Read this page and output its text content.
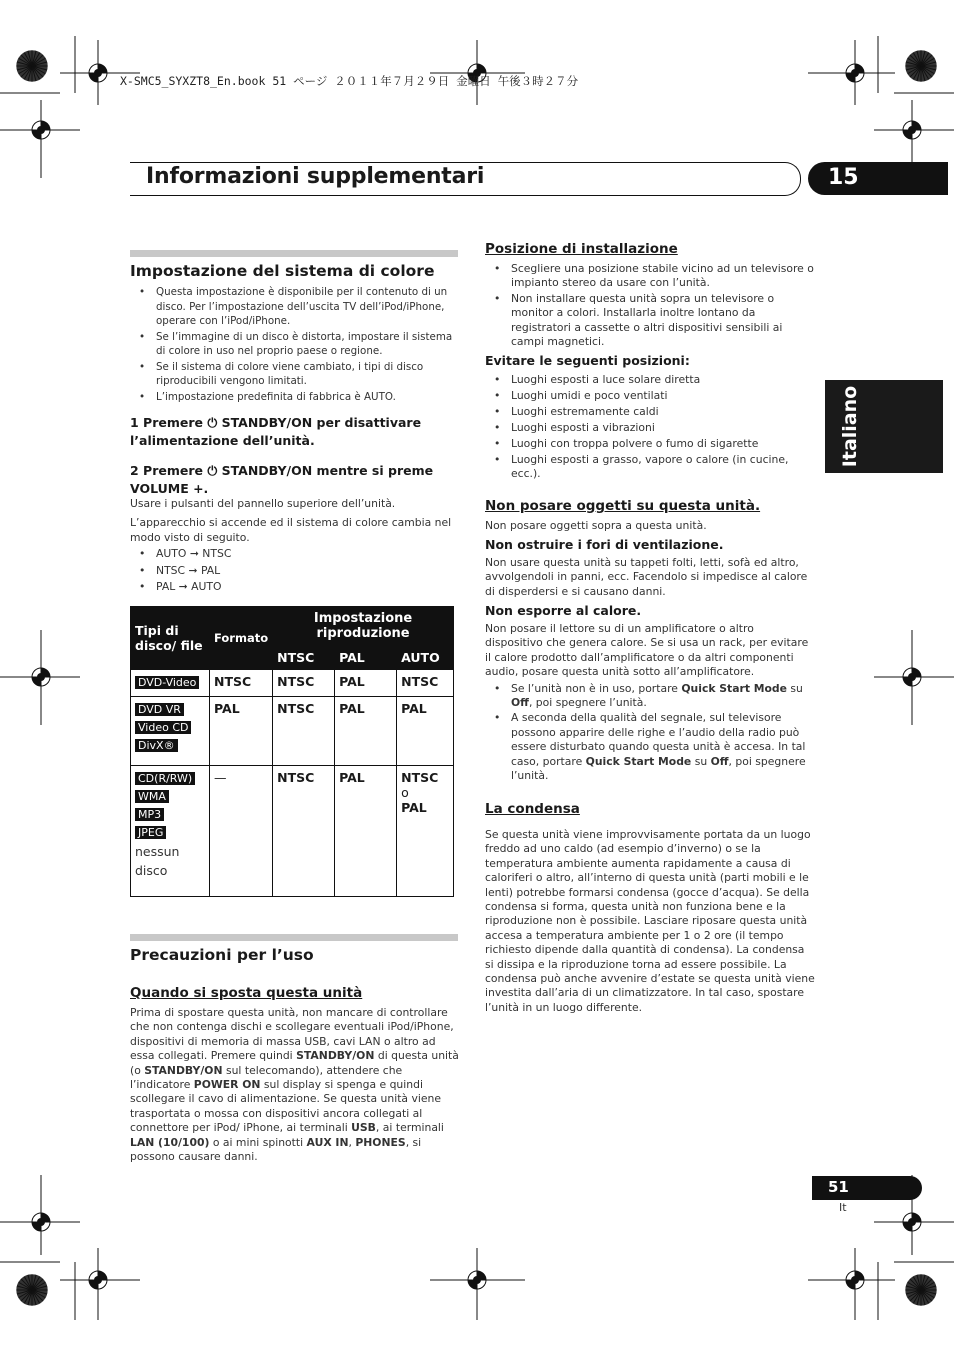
X-SMC5_SYXZT8_En.book 51 ページ ２０１１年７月２９日 金曜日 午後３時２７分
Informazioni supplementari	15
Italiano
Impostazione del sistema di colore
• Questa impostazione è disponibile per il contenuto di un disco. Per l’impostazione dell’uscita TV dell’iPod/iPhone, operare con l’iPod/iPhone.
• Se l’immagine di un disco è distorta, impostare il sistema di colore in uso nel proprio paese o regione.
• Se il sistema di colore viene cambiato, i tipi di disco riproducibili vengono limitati.
• L’impostazione predefinita di fabbrica è AUTO.
1 Premere ⏻ STANDBY/ON per disattivare l’alimentazione dell’unità.
2 Premere ⏻ STANDBY/ON mentre si preme VOLUME +.

Usare i pulsanti del pannello superiore dell’unità.

L’apparecchio si accende ed il sistema di colore cambia nel modo visto di seguito.

• AUTO ➞ NTSC
• NTSC ➞ PAL
• PAL ➞ AUTO
Tipi di disco/ file	Formato	Impostazione riproduzione		
		NTSC	PAL	AUTO
DVD-Video	NTSC	NTSC	PAL	NTSC
DVD VR
Video CD
DivX®	PAL	NTSC	PAL	PAL
CD(R/RW)
WMA
MP3
JPEG
nessun disco	—	NTSC	PAL	NTSC o
PAL
Precauzioni per l’uso
Quando si sposta questa unità

Prima di spostare questa unità, non mancare di controllare che non contenga dischi e scollegare eventuali iPod/iPhone, dispositivi di memoria di massa USB, cavi LAN o altro ad essa collegati. Premere quindi STANDBY/ON di questa unità (o STANDBY/ON sul telecomando), attendere che l’indicatore POWER ON sul display si spenga e quindi scollegare il cavo di alimentazione. Se questa unità viene trasportata o mossa con dispositivi ancora collegati al connettore per iPod/ iPhone, ai terminali USB, ai terminali LAN (10/100) o ai mini spinotti AUX IN, PHONES, si possono causare danni.

Posizione di installazione
• Scegliere una posizione stabile vicino ad un televisore o impianto stereo da usare con l’unità.
• Non installare questa unità sopra un televisore o monitor a colori. Installarla inoltre lontano da registratori a cassette o altri dispositivi sensibili ai campi magnetici.
Evitare le seguenti posizioni:
• Luoghi esposti a luce solare diretta
• Luoghi umidi e poco ventilati
• Luoghi estremamente caldi
• Luoghi esposti a vibrazioni
• Luoghi con troppa polvere o fumo di sigarette
• Luoghi esposti a grasso, vapore o calore (in cucine, ecc.).
Non posare oggetti su questa unità.
Non posare oggetti sopra a questa unità.
Non ostruire i fori di ventilazione.
Non usare questa unità su tappeti folti, letti, sofà ed altro, avvolgendoli in panni, ecc. Facendolo si impedisce al calore di disperdersi e si causano danni.
Non esporre al calore.

Non posare il lettore su di un amplificatore o altro dispositivo che genera calore. Se si usa un rack, per evitare il calore prodotto dall’amplificatore o da altri componenti audio, posare questa unità sotto all’amplificatore.

• Se l’unità non è in uso, portare Quick Start Mode su Off, poi spegnere l’unità.
• A seconda della qualità del segnale, sul televisore possono apparire delle righe e l’audio della radio può essere disturbato quando questa unità è accesa. In tal caso, portare Quick Start Mode su Off, poi spegnere l’unità.
La condensa
Se questa unità viene improvvisamente portata da un luogo freddo ad uno caldo (ad esempio d’inverno) o se la temperatura ambiente aumenta rapidamente a causa di caloriferi o altro, all’interno di questa unità (parti mobili e le lenti) potrebbe formarsi condensa (gocce d’acqua). Se della condensa si forma, questa unità non funziona bene e la riproduzione non è possibile. Lasciare riposare questa unità accesa a temperatura ambiente per 1 o 2 ore (il tempo richiesto dipende dalla quantità di condensa). La condensa si dissipa e la riproduzione torna ad essere possibile. La condensa può anche avvenire d’estate se questa unità viene investita dall’aria di un climatizzatore. In tal caso, spostare l’unità in un luogo differente.
51
It
